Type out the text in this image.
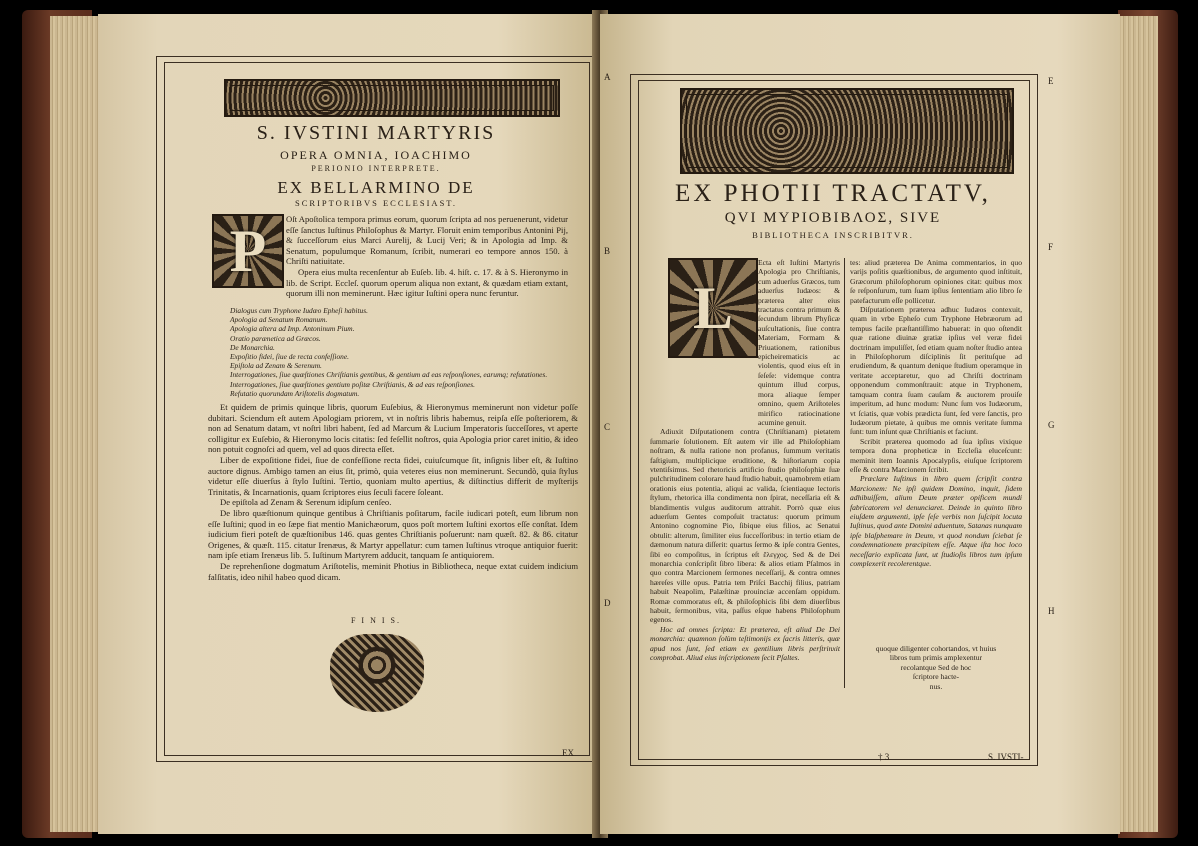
S. IVSTINI MARTYRIS
OPERA OMNIA, IOACHIMO
PERIONIO INTERPRETE.
EX BELLARMINO DE
SCRIPTORIBVS ECCLESIAST.
P	Oſt Apoſtolica tempora primus eorum, quorum ſcripta ad nos peruenerunt, videtur eſſe ſanctus Iuſtinus Philoſophus & Martyr. Floruit enim temporibus Antonini Pij, & ſucceſſorum eius Marci Aurelij, & Lucij Veri; & in Apologia ad Imp. & Senatum, populumque Romanum, ſcribit, numerari eo tempore annos 150. à Chriſti natiuitate.
Opera eius multa recenſentur ab Euſeb. lib. 4. hiſt. c. 17. & à S. Hieronymo in lib. de Script. Eccleſ. quorum operum aliqua non extant, & quædam etiam extant, quorum illi non meminerunt. Hæc igitur Iuſtini opera nunc feruntur.
Dialogus cum Tryphone Iudæo Epheſi habitus.
Apologia ad Senatum Romanum.
Apologia altera ad Imp. Antoninum Pium.
Oratio parænetica ad Græcos.
De Monarchia.
Expoſitio fidei, ſiue de recta confeſſione.
Epiſtola ad Zenam & Serenum.
Interrogationes, ſiue quæſtiones Chriſtianis gentibus, & gentium ad eas reſponſiones, earumq; refutationes.
Interrogationes, ſiue quæſtiones gentium poſitæ Chriſtianis, & ad eas reſponſiones.
Refutatio quorundam Ariſtotelis dogmatum.

Et quidem de primis quinque libris, quorum Euſebius, & Hieronymus meminerunt non videtur poſſe dubitari. Sciendum eſt autem Apologiam priorem, vt in noſtris libris habemus, reipſa eſſe poſteriorem, & non ad Senatum datam, vt noſtri libri habent, ſed ad Marcum & Lucium Imperatoris ſucceſſores, vt aperte colligitur ex Euſebio, & Hieronymo locis citatis: ſed feſellit noſtros, quia Apologia prior caret initio, & ideo non potuit cognoſci ad quem, vel ad quos directa eſſet.

Liber de expoſitione fidei, ſiue de confeſſione recta fidei, cuiuſcumque ſit, inſignis liber eſt, & Iuſtino auctore dignus. Ambigo tamen an eius ſit, primò, quia veteres eius non meminerunt. Secundò, quia ſtylus videtur eſſe diuerſus à ſtylo Iuſtini. Tertio, quoniam multo apertius, & diſtinctius differit de myſterijs Trinitatis, & Incarnationis, quam ſcriptores eius ſeculi facere ſoleant.

De epiſtola ad Zenam & Serenum idipſum cenſeo.

De libro quæſtionum quinque gentibus à Chriſtianis poſitarum, facile iudicari poteſt, eum librum non eſſe Iuſtini; quod in eo ſæpe fiat mentio Manichæorum, quos poſt mortem Iuſtini exortos eſſe conſtat. Idem iudicium fieri poteſt de quæſtionibus 146. quas gentes Chriſtianis poſuerunt: nam quæſt. 82. & 86. citatur Origenes, & quæſt. 115. citatur Irenæus, & Martyr appellatur: cum tamen Iuſtinus vtroque antiquior fuerit: nam ipſe etiam Irenæus lib. 5. Iuſtinum Martyrem adducit, tanquam ſe antiquiorem.

De reprehenſione dogmatum Ariſtotelis, meminit Photius in Bibliotheca, neque extat cuidem indicium falſitatis, ideo nihil habeo quod dicam.

F I N I S.
EX
A
B
C
D
E
F
G
H
EX PHOTII TRACTATV,
QVI ΜΥΡΙΟΒΙΒΛΟΣ, SIVE
BIBLIOTHECA INSCRIBITVR.
L

Ecta eſt Iuſtini Martyris Apologia pro Chriſtianis, cum aduerſus Græcos, tum aduerſus Iudæos: & præterea alter eius tractatus contra primum & ſecundum librum Phyſicæ auſcultationis, ſiue contra Materiam, Formam & Priuationem, rationibus epicheirematicis ac violentis, quod eius eſt in ſeſeſe: videmque contra quintum illud corpus, mora aliaque ſemper omnino, quem Ariſtoteles mirifico ratiocinatione acumine genuit.

Adiuxit Diſputationem contra (Chriſtianam) pietatem ſummarie ſolutionem. Eſt autem vir ille ad Philoſophiam noſtram, & nulla ratione non profanus, ſummum veritatis faſtigium, multiplicique eruditione, & hiſtoriarum copia vtentiſsimus. Sed rhetoricis artificio ſtudio philoſophiæ ſuæ pulchritudinem colorare haud ſtudio habuit, quamobrem etiam orationis eius potentia, aliqui ac valida, ſcientiaque lectoris ſtylum, rhetorica illa condimenta non ſpirat, neceſſaria eſt & blandimentis vulgus auditorum attrahit. Porrò quæ eius aduerſum Gentes compoſuit tractatus: quorum primum Antonino cognomine Pio, ſibique eius filios, ac Senatui obtulit: alterum, ſimiliter eius ſucceſſoribus: in tertio etiam de dæmonum natura diſſerit: quartus ſermo & ipſe contra Gentes, ſibi eo compoſitus, in ſcriptus eſt ἔλεγχος. Sed & de Dei monarchia conſcripſit ſibro libera: & alios etiam Pſalmos in quo contra Marcionem ſermones neceſſarij, & contra omnes hæreſes ville opus. Patria tem Priſci Bacchij filius, patriam habuit Neapolim, Palæſtinæ prouinciæ accenſam oppidum. Romæ commoratus eſt, & philoſophicis ſibi dem diuerſibus habuit, ſermonibus, vita, paſſus eſque habens Philoſophum egenos.

Hoc ad omnes ſcripta: Et præterea, eſt aliud De Dei monarchia: quamnon ſolùm teſtimonijs ex ſacris litteris, quæ apud nos ſunt, ſed etiam ex gentilium libris perſtrinxit comprobat. Aliud eius inſcriptionem ſecit Pſaltes.

tes: aliud præterea De Anima commentarios, in quo varijs poſitis quæſtionibus, de argumento quod inſtituit, Græcorum philoſophorum opiniones citat: quibus mox ſe reſponſurum, tum ſuam ipſius ſententiam alio libro ſe patefacturum eſſe pollicetur.

Diſputationem præterea adhuc Iudæos contexuit, quam in vrbe Epheſo cum Tryphone Hebræorum ad tempus facile præſtantiſſimo habuerat: in quo oſtendit quæ ratione diuinæ gratiæ ipſius vel veræ fidei doctrinam impuliſſet, ſed etiam quam noſter ſtudio antea in Philoſophorum diſciplinis ſit perituſque ad erudiendum, & quantum denique ſtudium operamque in veritate acceptaretur, quo ad Chriſti doctrinam opponendum commonſtrauit: atque in Tryphonem, tamquam contra ſuam cauſam & auctorem prouiſe imperitum, ad hunc modum: Nunc ſum vos Iudæorum, vt ſciatis, quæ vobis prædicta ſunt, ſed vere ſanctis, pro Iudæorum pietate, à quibus me omnis veritate ſumma ſunt: tum inſunt quæ Chriſtianis et faciunt.

Scribit præterea quomodo ad ſua ipſius vixique tempora dona propheticæ in Eccleſia eluceſcunt: meminit item Ioannis Apocalypſis, eiuſque ſcriptorem eſſe & contra Marcionem ſcribit.

Præclare Iuſtinus in libro quem ſcripſit contra Marcionem: Ne ipſi quidem Domino, inquit, ſidem adhibuiſſem, alium Deum præter opificem mundi fabricatorem vel denunciaret. Deinde in quinto libro eiuſdem argumenti, ipſe ſeſe verbis non ſuſcipit locuta Iuſtinus, quod ante Domini aduentum, Satanas nunquam ipſe blaſphemare in Deum, vt quod nondum ſciebat ſe condemnationem præcipitem eſſe. Atque iſta hoc loco neceſſario explicata ſunt, ut ſtudioſis libros tum ipſum complexerit recolerentque.

quoque diligenter cohortandos, vt huius
libros tum primis amplexentur
recolantque Sed de hoc
ſcriptore hacte-
nus.
† 3	S. IVSTI-
